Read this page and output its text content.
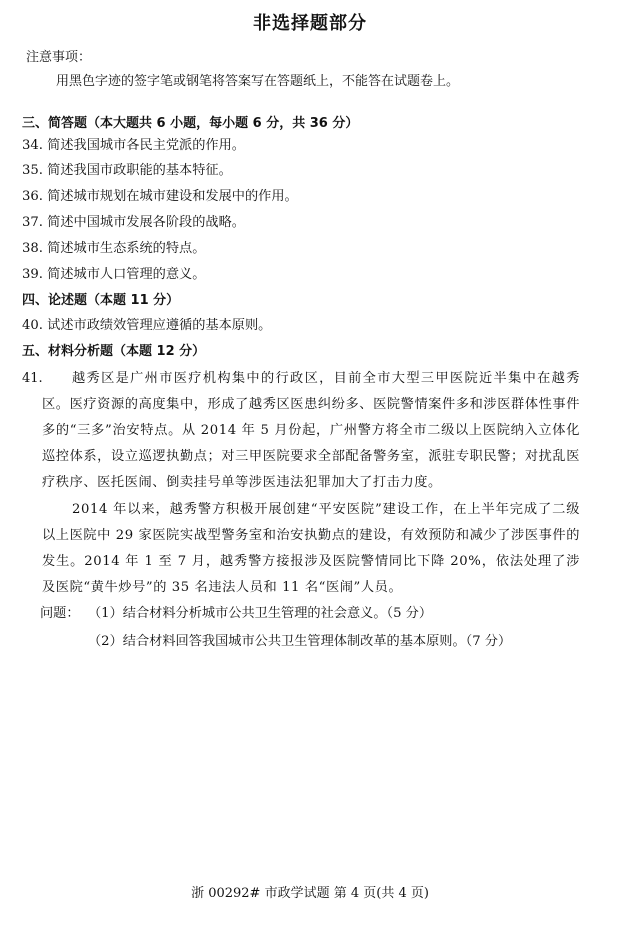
非选择题部分
注意事项：
用黑色字迹的签字笔或钢笔将答案写在答题纸上，不能答在试题卷上。
三、简答题（本大题共 6 小题，每小题 6 分，共 36 分）
34. 简述我国城市各民主党派的作用。
35. 简述我国市政职能的基本特征。
36. 简述城市规划在城市建设和发展中的作用。
37. 简述中国城市发展各阶段的战略。
38. 简述城市生态系统的特点。
39. 简述城市人口管理的意义。
四、论述题（本题 11 分）
40. 试述市政绩效管理应遵循的基本原则。
五、材料分析题（本题 12 分）
41.	越秀区是广州市医疗机构集中的行政区，目前全市大型三甲医院近半集中在越秀区。医疗资源的高度集中，形成了越秀区医患纠纷多、医院警情案件多和涉医群体性事件多的“三多”治安特点。从 2014 年 5 月份起，广州警方将全市二级以上医院纳入立体化巡控体系，设立巡逻执勤点；对三甲医院要求全部配备警务室，派驻专职民警；对扰乱医疗秩序、医托医闹、倒卖挂号单等涉医违法犯罪加大了打击力度。
2014 年以来，越秀警方积极开展创建“平安医院”建设工作，在上半年完成了二级以上医院中 29 家医院实战型警务室和治安执勤点的建设，有效预防和减少了涉医事件的发生。2014 年 1 至 7 月，越秀警方接报涉及医院警情同比下降 20%，依法处理了涉及医院“黄牛炒号”的 35 名违法人员和 11 名“医闹”人员。
问题： （1）结合材料分析城市公共卫生管理的社会意义。（5 分）
（2）结合材料回答我国城市公共卫生管理体制改革的基本原则。（7 分）
浙 00292# 市政学试题 第 4 页(共 4 页)
